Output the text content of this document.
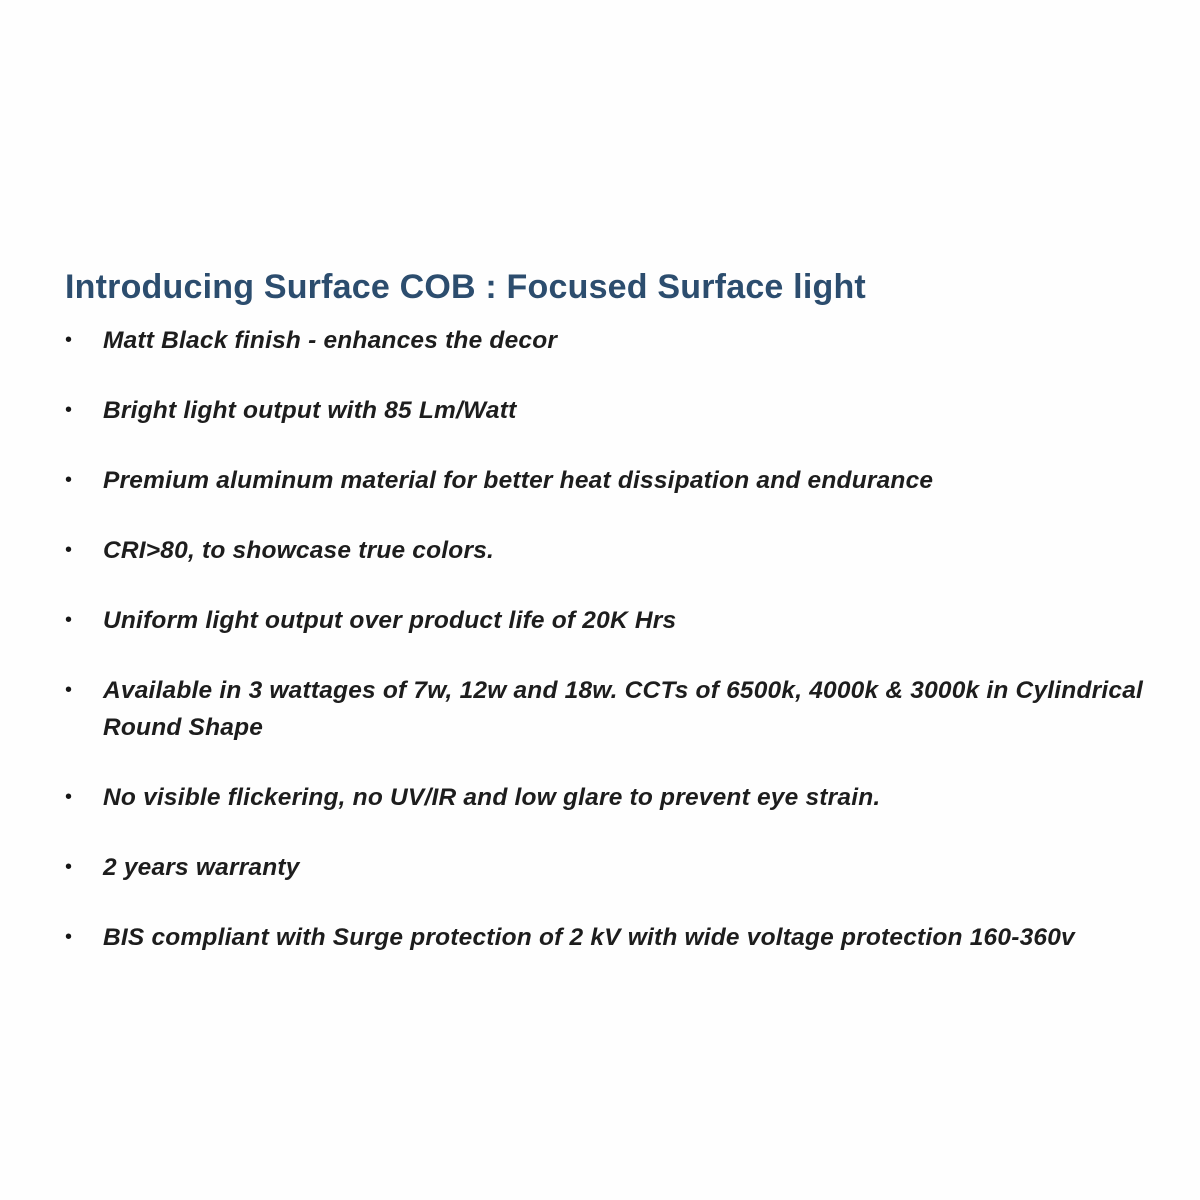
Introducing Surface COB : Focused Surface light
•	Matt Black finish - enhances the decor
•	Bright light output with 85 Lm/Watt
•	Premium aluminum material for better heat dissipation and endurance
•	CRI>80, to showcase true colors.
•	Uniform light output over product life of 20K Hrs
•	Available in 3 wattages of 7w, 12w and 18w. CCTs of 6500k, 4000k & 3000k in Cylindrical Round Shape
•	No visible flickering, no UV/IR and low glare to prevent eye strain.
•	2 years warranty
•	BIS compliant with Surge protection of 2 kV with wide voltage protection 160-360v
